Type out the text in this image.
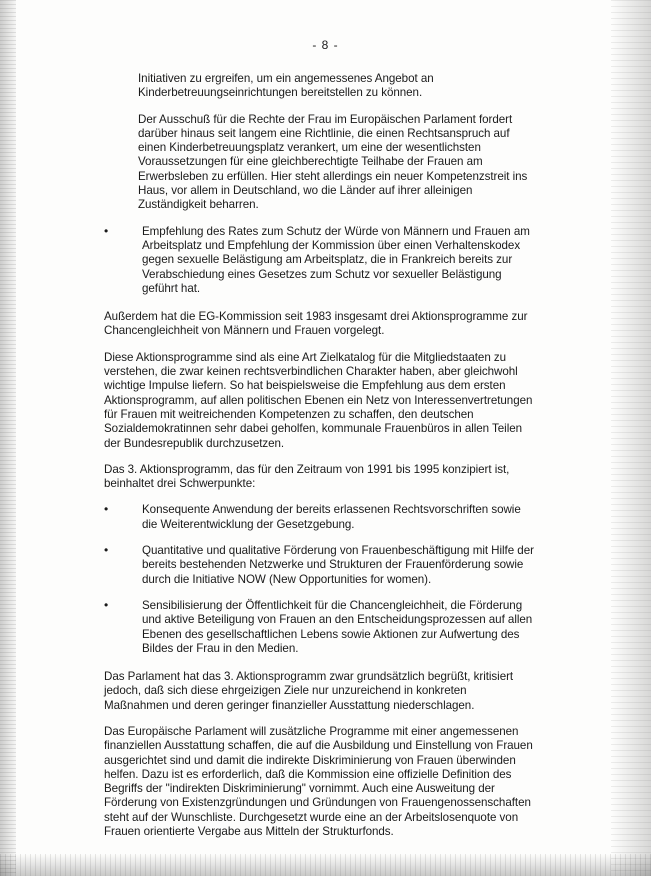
- 8 -

Initiativen zu ergreifen, um ein angemessenes Angebot an Kinderbetreuungseinrichtungen bereitstellen zu können.

Der Ausschuß für die Rechte der Frau im Europäischen Parlament fordert darüber hinaus seit langem eine Richtlinie, die einen Rechtsanspruch auf einen Kinderbetreuungsplatz verankert, um eine der wesentlichsten Voraussetzungen für eine gleichberechtigte Teilhabe der Frauen am Erwerbsleben zu erfüllen. Hier steht allerdings ein neuer Kompetenzstreit ins Haus, vor allem in Deutschland, wo die Länder auf ihrer alleinigen Zuständigkeit beharren.

•	Empfehlung des Rates zum Schutz der Würde von Männern und Frauen am Arbeitsplatz und Empfehlung der Kommission über einen Verhaltenskodex gegen sexuelle Belästigung am Arbeitsplatz, die in Frankreich bereits zur Verabschiedung eines Gesetzes zum Schutz vor sexueller Belästigung geführt hat.

Außerdem hat die EG-Kommission seit 1983 insgesamt drei Aktionsprogramme zur Chancengleichheit von Männern und Frauen vorgelegt.

Diese Aktionsprogramme sind als eine Art Zielkatalog für die Mitgliedstaaten zu verstehen, die zwar keinen rechtsverbindlichen Charakter haben, aber gleichwohl wichtige Impulse liefern. So hat beispielsweise die Empfehlung aus dem ersten Aktionsprogramm, auf allen politischen Ebenen ein Netz von Interessenvertretungen für Frauen mit weitreichenden Kompetenzen zu schaffen, den deutschen Sozialdemokratinnen sehr dabei geholfen, kommunale Frauenbüros in allen Teilen der Bundesrepublik durchzusetzen.

Das 3. Aktionsprogramm, das für den Zeitraum von 1991 bis 1995 konzipiert ist, beinhaltet drei Schwerpunkte:

•	Konsequente Anwendung der bereits erlassenen Rechtsvorschriften sowie die Weiterentwicklung der Gesetzgebung.
•	Quantitative und qualitative Förderung von Frauenbeschäftigung mit Hilfe der bereits bestehenden Netzwerke und Strukturen der Frauenförderung sowie durch die Initiative NOW (New Opportunities for women).
•	Sensibilisierung der Öffentlichkeit für die Chancengleichheit, die Förderung und aktive Beteiligung von Frauen an den Entscheidungsprozessen auf allen Ebenen des gesellschaftlichen Lebens sowie Aktionen zur Aufwertung des Bildes der Frau in den Medien.

Das Parlament hat das 3. Aktionsprogramm zwar grundsätzlich begrüßt, kritisiert jedoch, daß sich diese ehrgeizigen Ziele nur unzureichend in konkreten Maßnahmen und deren geringer finanzieller Ausstattung niederschlagen.

Das Europäische Parlament will zusätzliche Programme mit einer angemessenen finanziellen Ausstattung schaffen, die auf die Ausbildung und Einstellung von Frauen ausgerichtet sind und damit die indirekte Diskriminierung von Frauen überwinden helfen. Dazu ist es erforderlich, daß die Kommission eine offizielle Definition des Begriffs der "indirekten Diskriminierung" vornimmt. Auch eine Ausweitung der Förderung von Existenzgründungen und Gründungen von Frauengenossenschaften steht auf der Wunschliste. Durchgesetzt wurde eine an der Arbeitslosenquote von Frauen orientierte Vergabe aus Mitteln der Strukturfonds.
